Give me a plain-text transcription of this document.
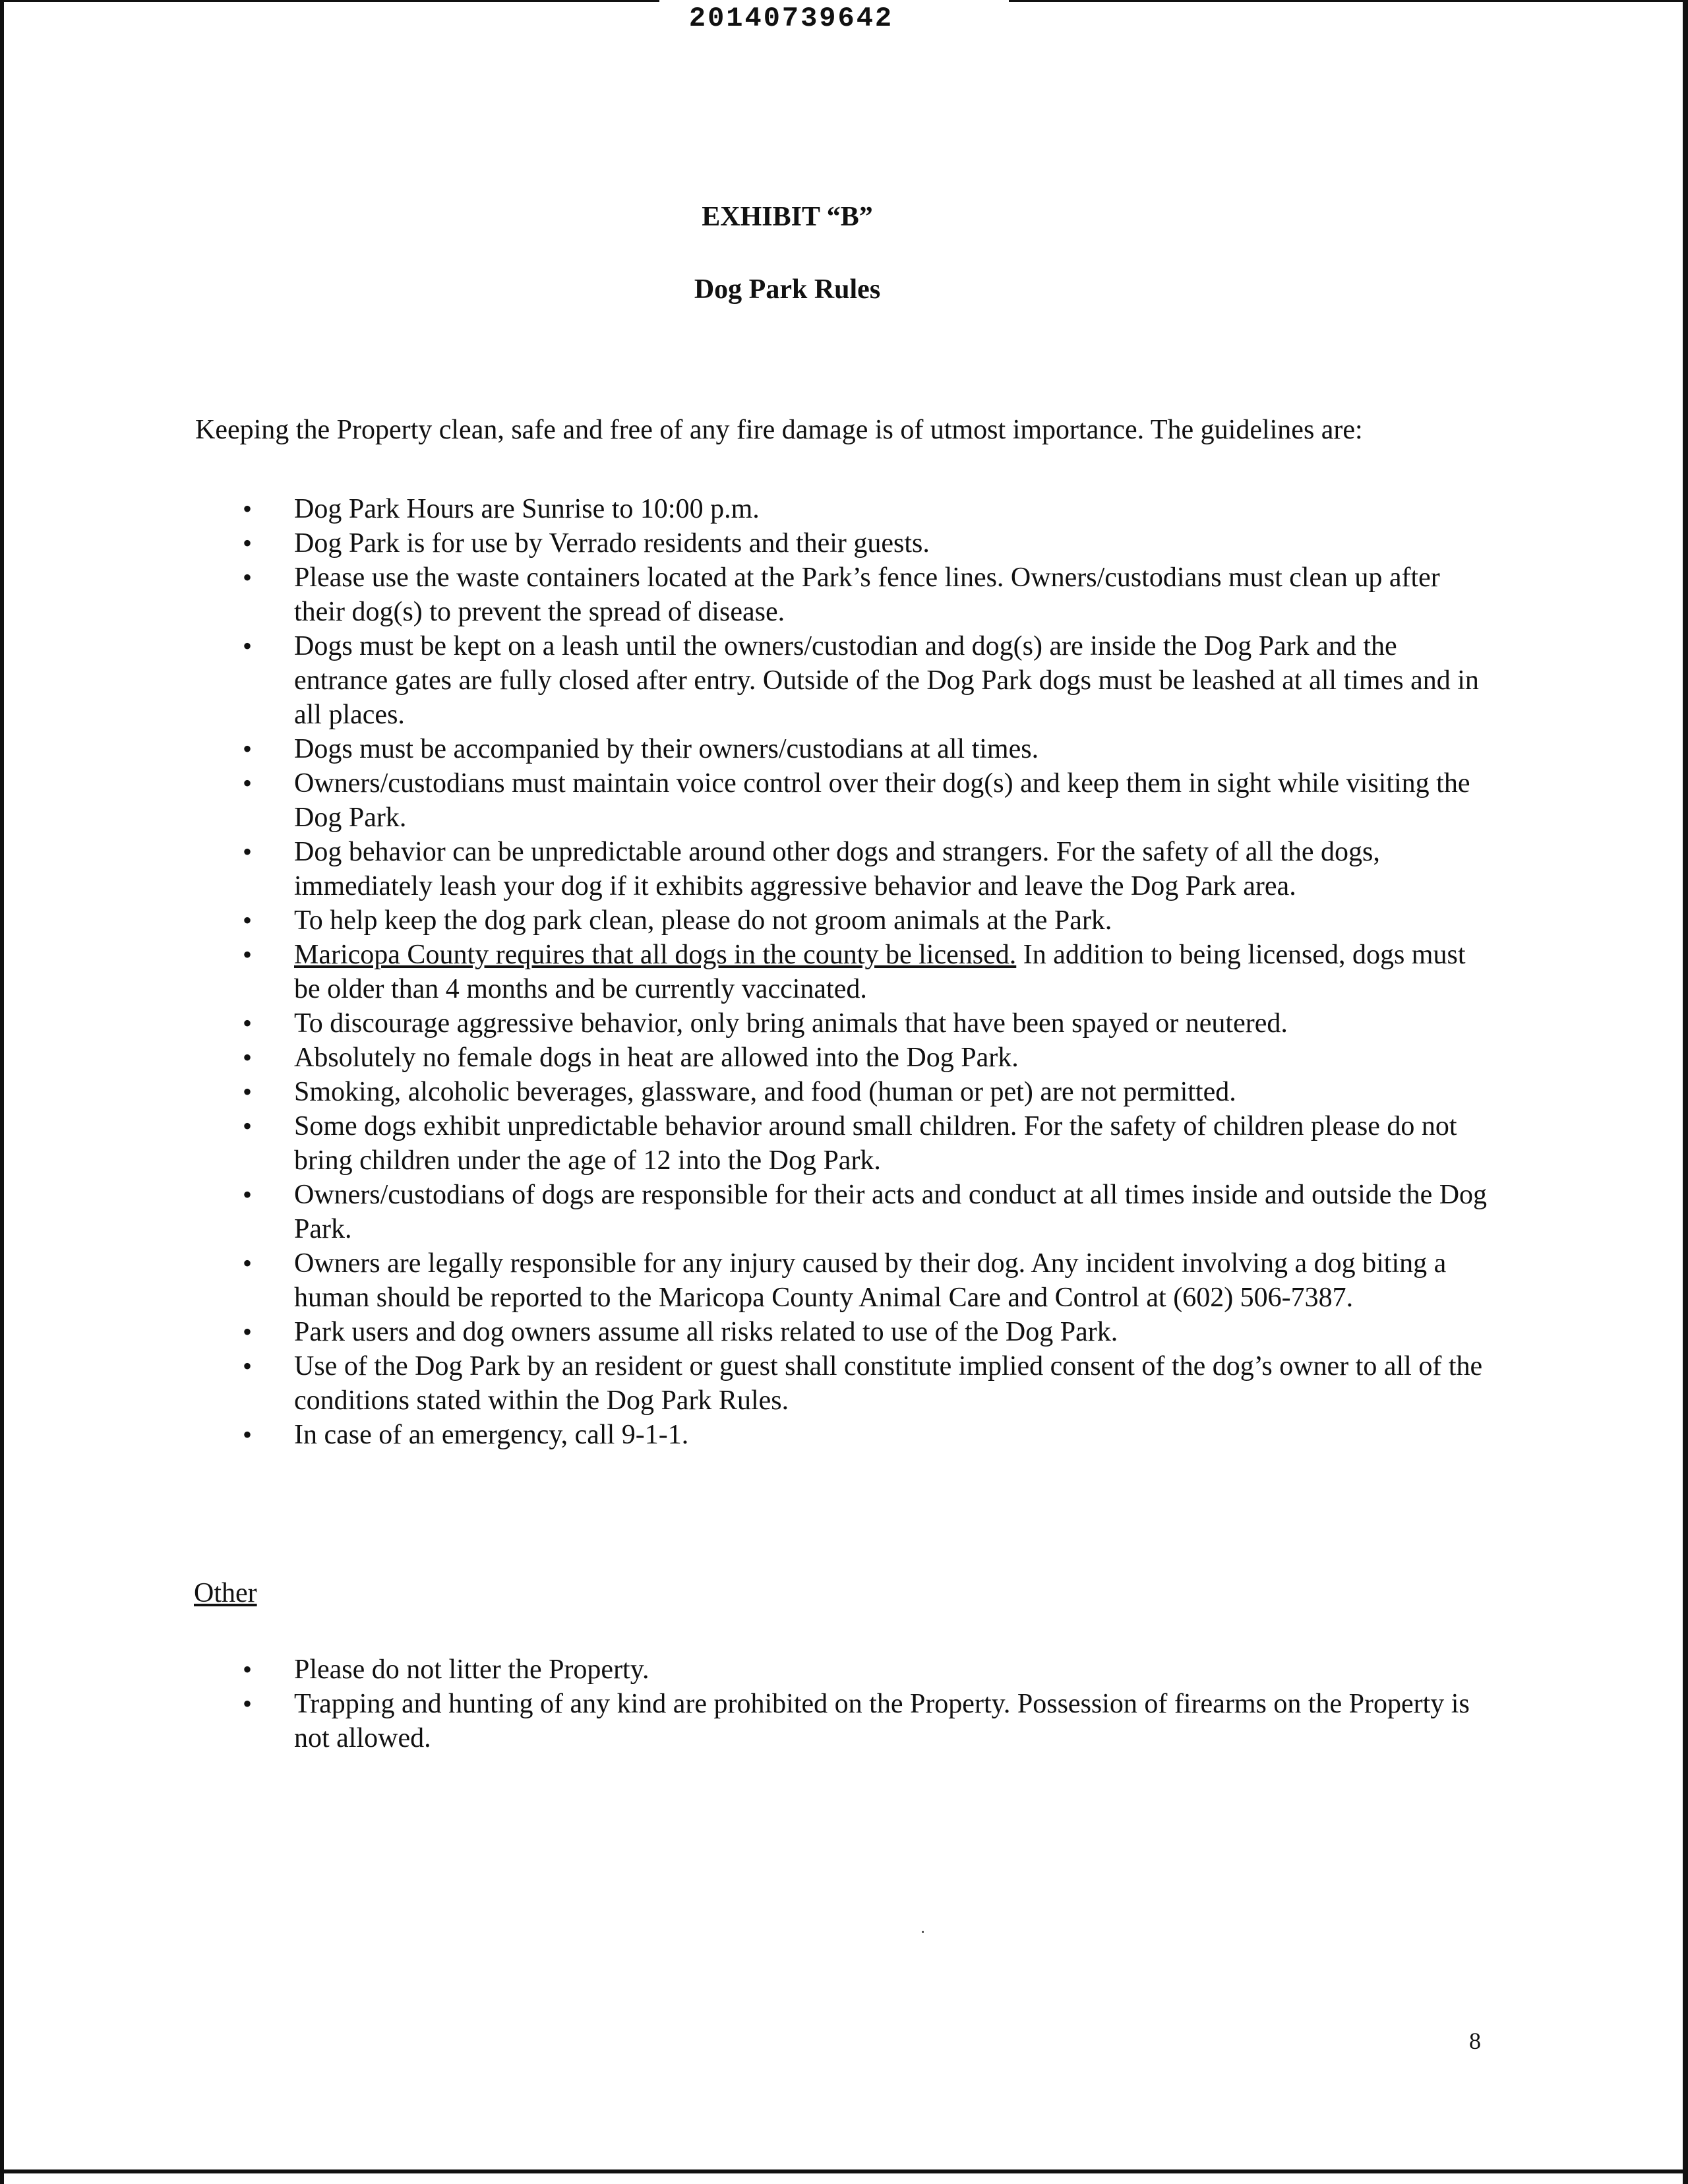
20140739642
EXHIBIT “B”
Dog Park Rules
Keeping the Property clean, safe and free of any fire damage is of utmost importance. The guidelines are:
• Dog Park Hours are Sunrise to 10:00 p.m.
• Dog Park is for use by Verrado residents and their guests.
• Please use the waste containers located at the Park’s fence lines. Owners/custodians must clean up after their dog(s) to prevent the spread of disease.
• Dogs must be kept on a leash until the owners/custodian and dog(s) are inside the Dog Park and the entrance gates are fully closed after entry. Outside of the Dog Park dogs must be leashed at all times and in all places.
• Dogs must be accompanied by their owners/custodians at all times.
• Owners/custodians must maintain voice control over their dog(s) and keep them in sight while visiting the Dog Park.
• Dog behavior can be unpredictable around other dogs and strangers. For the safety of all the dogs, immediately leash your dog if it exhibits aggressive behavior and leave the Dog Park area.
• To help keep the dog park clean, please do not groom animals at the Park.
• Maricopa County requires that all dogs in the county be licensed. In addition to being licensed, dogs must be older than 4 months and be currently vaccinated.
• To discourage aggressive behavior, only bring animals that have been spayed or neutered.
• Absolutely no female dogs in heat are allowed into the Dog Park.
• Smoking, alcoholic beverages, glassware, and food (human or pet) are not permitted.
• Some dogs exhibit unpredictable behavior around small children. For the safety of children please do not bring children under the age of 12 into the Dog Park.
• Owners/custodians of dogs are responsible for their acts and conduct at all times inside and outside the Dog Park.
• Owners are legally responsible for any injury caused by their dog. Any incident involving a dog biting a human should be reported to the Maricopa County Animal Care and Control at (602) 506-7387.
• Park users and dog owners assume all risks related to use of the Dog Park.
• Use of the Dog Park by an resident or guest shall constitute implied consent of the dog’s owner to all of the conditions stated within the Dog Park Rules.
• In case of an emergency, call 9-1-1.
Other
• Please do not litter the Property.
• Trapping and hunting of any kind are prohibited on the Property. Possession of firearms on the Property is not allowed.
8
